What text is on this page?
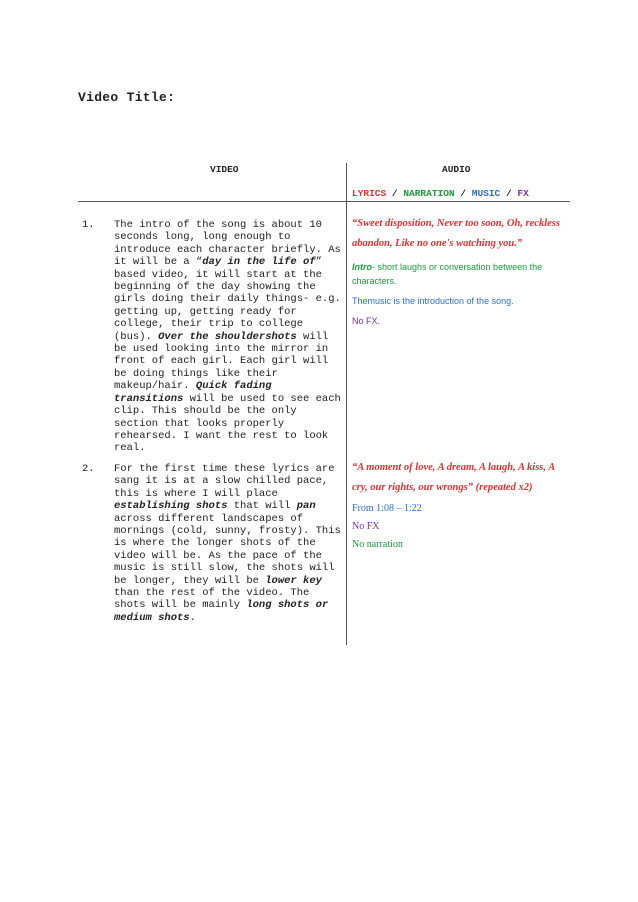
Video Title:
VIDEO	AUDIO
LYRICS / NARRATION / MUSIC / FX
1. The intro of the song is about 10 seconds long, long enough to introduce each character briefly. As it will be a “day in the life of” based video, it will start at the beginning of the day showing the girls doing their daily things- e.g. getting up, getting ready for college, their trip to college (bus). Over the shouldershots will be used looking into the mirror in front of each girl. Each girl will be doing things like their makeup/hair. Quick fading transitions will be used to see each clip. This should be the only section that looks properly rehearsed. I want the rest to look real.

“Sweet disposition, Never too soon, Oh, reckless abandon, Like no one's watching you.”

Intro- short laughs or conversation between the characters.

Themusic is the introduction of the song.

No FX.

2. For the first time these lyrics are sang it is at a slow chilled pace, this is where I will place establishing shots that will pan across different landscapes of mornings (cold, sunny, frosty). This is where the longer shots of the video will be. As the pace of the music is still slow, the shots will be longer, they will be lower key than the rest of the video. The shots will be mainly long shots or medium shots.

“A moment of love, A dream, A laugh, A kiss, A cry, our rights, our wrongs” (repeated x2)

From 1:08 – 1:22

No FX

No narration
